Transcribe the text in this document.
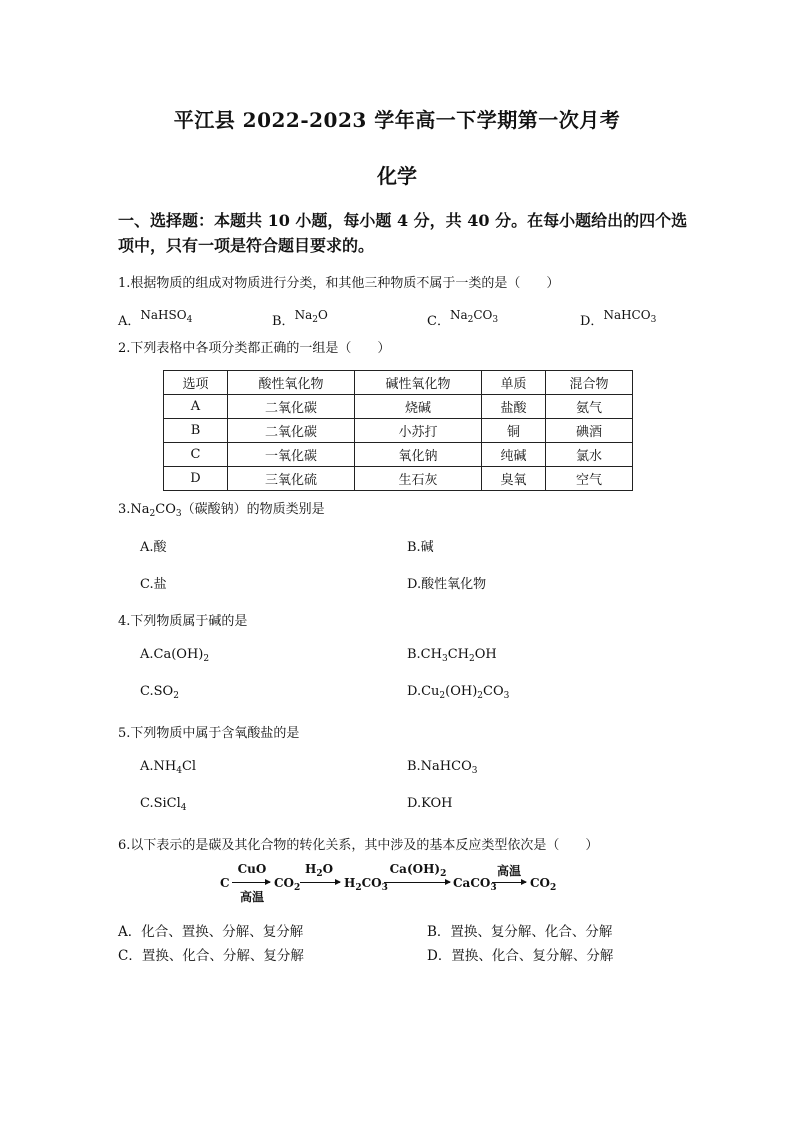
平江县 2022-2023 学年高一下学期第一次月考
化学
一、选择题：本题共 10 小题，每小题 4 分，共 40 分。在每小题给出的四个选项中，只有一项是符合题目要求的。
1.根据物质的组成对物质进行分类，和其他三种物质不属于一类的是（　　）
A．NaHSO$_4$	B．$Na_2O$	C．$Na_2CO_3$	D．NaHCO$_3$
2.下列表格中各项分类都正确的一组是（　　）
选项	酸性氧化物	碱性氧化物	单质	混合物
A	二氧化碳	烧碱	盐酸	氨气
B	二氧化碳	小苏打	铜	碘酒
C	一氧化碳	氧化钠	纯碱	氯水
D	三氧化硫	生石灰	臭氧	空气
$3.Na_2CO_3$（碳酸钠）的物质类别是
A.酸	B.碱
C.盐	D.酸性氧化物
4.下列物质属于碱的是
$A.Ca(OH)_2$	$B.CH_3CH_2OH$
$C.SO_2$	$D.Cu_2(OH)_2CO_3$
5.下列物质中属于含氧酸盐的是
$A.NH_4Cl$	B.NaHCO$_3$
C.SiCl$_4$	D.KOH
6.以下表示的是碳及其化合物的转化关系，其中涉及的基本反应类型依次是（　　）
C
CuO
高温
$CO_2$
$H_2O$
$H_2CO_3$
$Ca(OH)_2$
CaCO$_3$
高温
$CO_2$
A．化合、置换、分解、复分解	B．置换、复分解、化合、分解
C．置换、化合、分解、复分解	D．置换、化合、复分解、分解
